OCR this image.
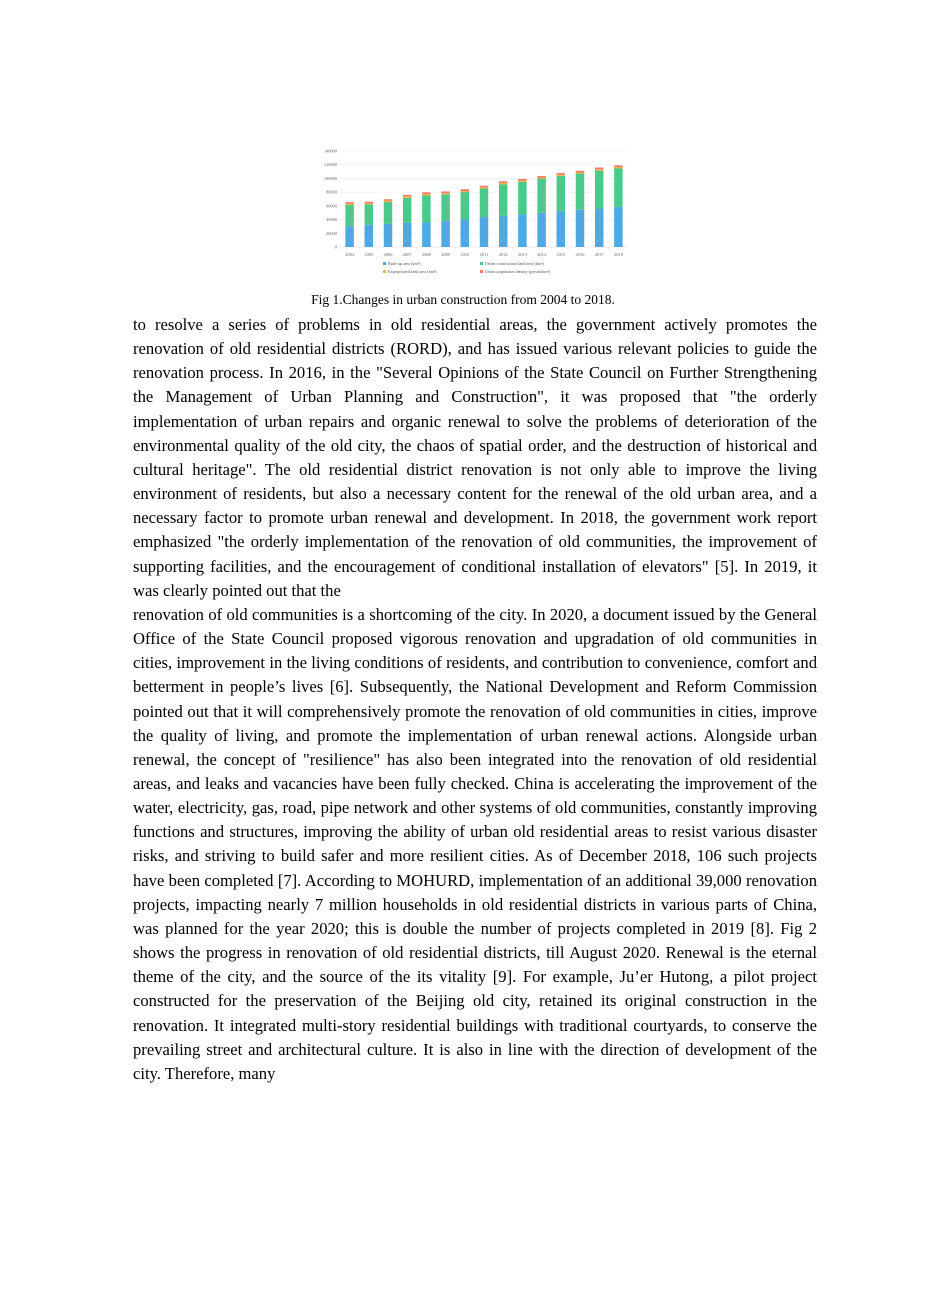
0
20000
40000
60000
80000
100000
120000
140000
2004 2005 2006 2007 2008 2009 2010 2011 2012 2013 2014 2015 2016 2017 2018
Built-up area (km²)	Urban construction land area (km²)
Expropriated land area (km²)	Urban population density (person/km²)
Fig 1.Changes in urban construction from 2004 to 2018.

to resolve a series of problems in old residential areas, the government actively promotes the renovation of old residential districts (RORD), and has issued various relevant policies to guide the renovation process. In 2016, in the "Several Opinions of the State Council on Further Strengthening the Management of Urban Planning and Construction", it was proposed that "the orderly implementation of urban repairs and organic renewal to solve the problems of deterioration of the environmental quality of the old city, the chaos of spatial order, and the destruction of historical and cultural heritage". The old residential district renovation is not only able to improve the living environment of residents, but also a necessary content for the renewal of the old urban area, and a necessary factor to promote urban renewal and development. In 2018, the government work report emphasized "the orderly implementation of the renovation of old communities, the improvement of supporting facilities, and the encouragement of conditional installation of elevators" [5]. In 2019, it was clearly pointed out that the

renovation of old communities is a shortcoming of the city. In 2020, a document issued by the General Office of the State Council proposed vigorous renovation and upgradation of old communities in cities, improvement in the living conditions of residents, and contribution to convenience, comfort and betterment in people’s lives [6]. Subsequently, the National Development and Reform Commission pointed out that it will comprehensively promote the renovation of old communities in cities, improve the quality of living, and promote the implementation of urban renewal actions. Alongside urban renewal, the concept of "resilience" has also been integrated into the renovation of old residential areas, and leaks and vacancies have been fully checked. China is accelerating the improvement of the water, electricity, gas, road, pipe network and other systems of old communities, constantly improving functions and structures, improving the ability of urban old residential areas to resist various disaster risks, and striving to build safer and more resilient cities. As of December 2018, 106 such projects have been completed [7]. According to MOHURD, implementation of an additional 39,000 renovation projects, impacting nearly 7 million households in old residential districts in various parts of China, was planned for the year 2020; this is double the number of projects completed in 2019 [8]. Fig 2 shows the progress in renovation of old residential districts, till August 2020. Renewal is the eternal theme of the city, and the source of the its vitality [9]. For example, Ju’er Hutong, a pilot project constructed for the preservation of the Beijing old city, retained its original construction in the renovation. It integrated multi-story residential buildings with traditional courtyards, to conserve the prevailing street and architectural culture. It is also in line with the direction of development of the city. Therefore, many
